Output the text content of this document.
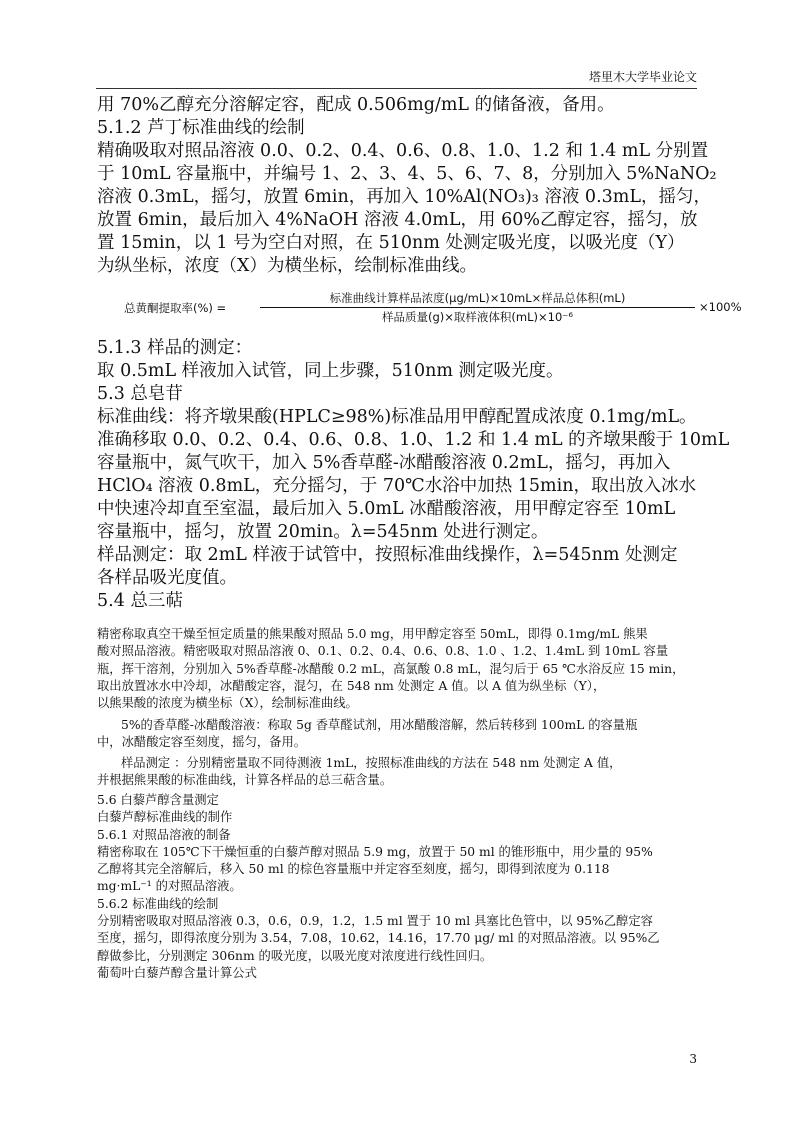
塔里木大学毕业论文

用 70%乙醇充分溶解定容，配成 0.506mg/mL 的储备液，备用。

5.1.2 芦丁标准曲线的绘制

精确吸取对照品溶液 0.0、0.2、0.4、0.6、0.8、1.0、1.2 和 1.4 mL 分别置

于 10mL 容量瓶中，并编号 1、2、3、4、5、6、7、8，分别加入 5%NaNO₂

溶液 0.3mL，摇匀，放置 6min，再加入 10%Al(NO₃)₃ 溶液 0.3mL，摇匀，

放置 6min，最后加入 4%NaOH 溶液 4.0mL，用 60%乙醇定容，摇匀，放

置 15min，以 1 号为空白对照，在 510nm 处测定吸光度，以吸光度（Y）

为纵坐标，浓度（X）为横坐标，绘制标准曲线。

总黄酮提取率(%) =
标准曲线计算样品浓度(μg/mL)×10mL×样品总体积(mL)
样品质量(g)×取样液体积(mL)×10⁻⁶
×100%

5.1.3 样品的测定：

取 0.5mL 样液加入试管，同上步骤，510nm 测定吸光度。

5.3 总皂苷

标准曲线：将齐墩果酸(HPLC≥98%)标准品用甲醇配置成浓度 0.1mg/mL。

准确移取 0.0、0.2、0.4、0.6、0.8、1.0、1.2 和 1.4 mL 的齐墩果酸于 10mL

容量瓶中，氮气吹干，加入 5%香草醛-冰醋酸溶液 0.2mL，摇匀，再加入

HClO₄ 溶液 0.8mL，充分摇匀，于 70℃水浴中加热 15min，取出放入冰水

中快速冷却直至室温，最后加入 5.0mL 冰醋酸溶液，用甲醇定容至 10mL

容量瓶中，摇匀，放置 20min。λ=545nm 处进行测定。

样品测定：取 2mL 样液于试管中，按照标准曲线操作，λ=545nm 处测定

各样品吸光度值。

5.4 总三萜

精密称取真空干燥至恒定质量的熊果酸对照品 5.0 mg，用甲醇定容至 50mL，即得 0.1mg/mL 熊果

酸对照品溶液。精密吸取对照品溶液 0、0.1、0.2、0.4、0.6、0.8、1.0 、1.2、1.4mL 到 10mL 容量

瓶，挥干溶剂，分别加入 5%香草醛-冰醋酸 0.2 mL，高氯酸 0.8 mL，混匀后于 65 ℃水浴反应 15 min，

取出放置冰水中冷却，冰醋酸定容，混匀，在 548 nm 处测定 A 值。以 A 值为纵坐标（Y），

以熊果酸的浓度为横坐标（X），绘制标准曲线。

5%的香草醛-冰醋酸溶液：称取 5g 香草醛试剂，用冰醋酸溶解，然后转移到 100mL 的容量瓶

中，冰醋酸定容至刻度，摇匀，备用。

样品测定 ：分别精密量取不同待测液 1mL，按照标准曲线的方法在 548 nm 处测定 A 值，

并根据熊果酸的标准曲线，计算各样品的总三萜含量。

5.6 白藜芦醇含量测定

白藜芦醇标准曲线的制作

5.6.1 对照品溶液的制备

精密称取在 105℃下干燥恒重的白藜芦醇对照品 5.9 mg，放置于 50 ml 的锥形瓶中，用少量的 95%

乙醇将其完全溶解后，移入 50 ml 的棕色容量瓶中并定容至刻度，摇匀，即得到浓度为 0.118

mg·mL⁻¹ 的对照品溶液。

5.6.2 标准曲线的绘制

分别精密吸取对照品溶液 0.3，0.6，0.9，1.2，1.5 ml 置于 10 ml 具塞比色管中，以 95%乙醇定容

至度，摇匀，即得浓度分别为 3.54，7.08，10.62，14.16，17.70 μg/ ml 的对照品溶液。以 95%乙

醇做参比，分别测定 306nm 的吸光度，以吸光度对浓度进行线性回归。

葡萄叶白藜芦醇含量计算公式

3
